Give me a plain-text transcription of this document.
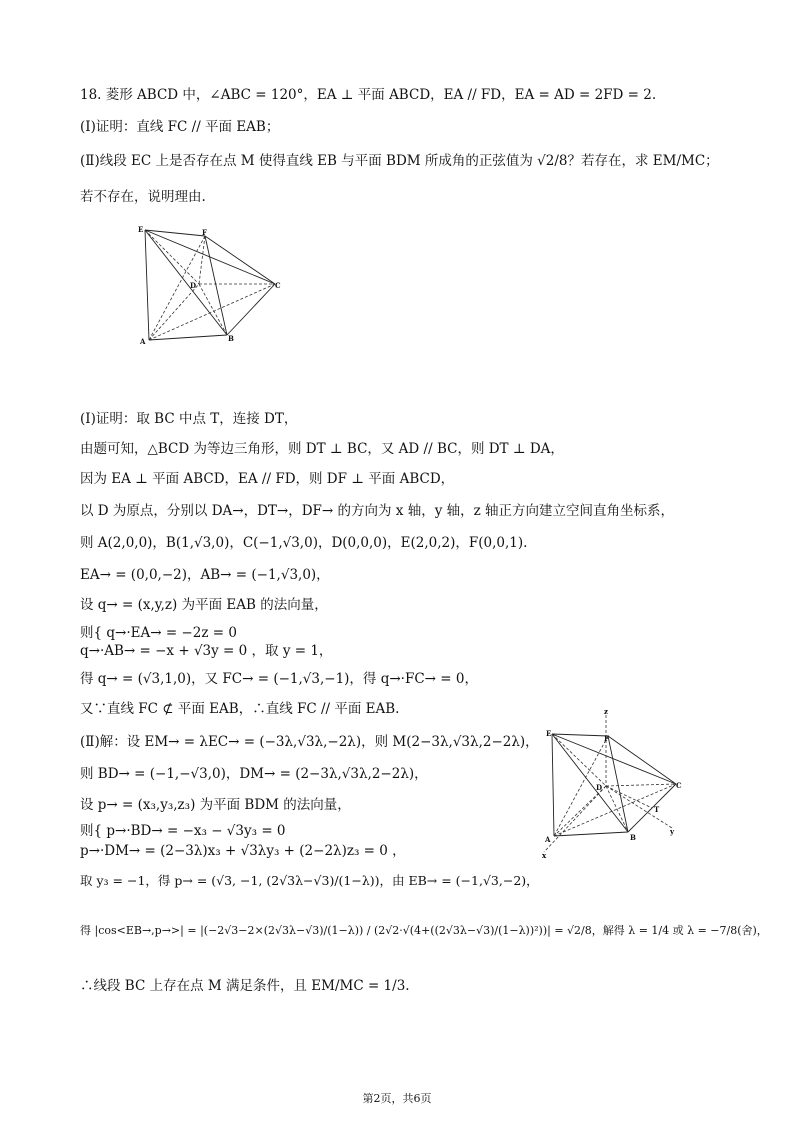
18. 菱形 ABCD 中，∠ABC = 120°，EA ⊥ 平面 ABCD，EA // FD，EA = AD = 2FD = 2.
(Ⅰ)证明：直线 FC // 平面 EAB；
(Ⅱ)线段 EC 上是否存在点 M 使得直线 EB 与平面 BDM 所成角的正弦值为 √2/8？若存在，求 EM/MC；
若不存在，说明理由.
E	F
D	C
A	B
(Ⅰ)证明：取 BC 中点 T，连接 DT，
由题可知，△BCD 为等边三角形，则 DT ⊥ BC，又 AD // BC，则 DT ⊥ DA，
因为 EA ⊥ 平面 ABCD，EA // FD，则 DF ⊥ 平面 ABCD，
以 D 为原点，分别以 DA→，DT→，DF→ 的方向为 x 轴，y 轴，z 轴正方向建立空间直角坐标系，
则 A(2,0,0)，B(1,√3,0)，C(−1,√3,0)，D(0,0,0)，E(2,0,2)，F(0,0,1).
EA→ = (0,0,−2)，AB→ = (−1,√3,0)，
设 q→ = (x,y,z) 为平面 EAB 的法向量，
则{ q→·EA→ = −2z = 0
q→·AB→ = −x + √3y = 0 ，取 y = 1，
得 q→ = (√3,1,0)，又 FC→ = (−1,√3,−1)，得 q→·FC→ = 0，
又∵直线 FC ⊄ 平面 EAB，∴直线 FC // 平面 EAB.
(Ⅱ)解：设 EM→ = λEC→ = (−3λ,√3λ,−2λ)，则 M(2−3λ,√3λ,2−2λ)，
则 BD→ = (−1,−√3,0)，DM→ = (2−3λ,√3λ,2−2λ)，
设 p→ = (x₃,y₃,z₃) 为平面 BDM 的法向量，
则{ p→·BD→ = −x₃ − √3y₃ = 0
p→·DM→ = (2−3λ)x₃ + √3λy₃ + (2−2λ)z₃ = 0 ，
取 y₃ = −1，得 p→ = (√3, −1, (2√3λ−√3)/(1−λ))，由 EB→ = (−1,√3,−2)，
得 |cos<EB→,p→>| = |(−2√3−2×(2√3λ−√3)/(1−λ)) / (2√2·√(4+((2√3λ−√3)/(1−λ))²))| = √2/8，解得 λ = 1/4 或 λ = −7/8(舍)，
∴线段 BC 上存在点 M 满足条件，且 EM/MC = 1/3.
z
E
F
D	C
T
y
A	B
x
第2页，共6页
